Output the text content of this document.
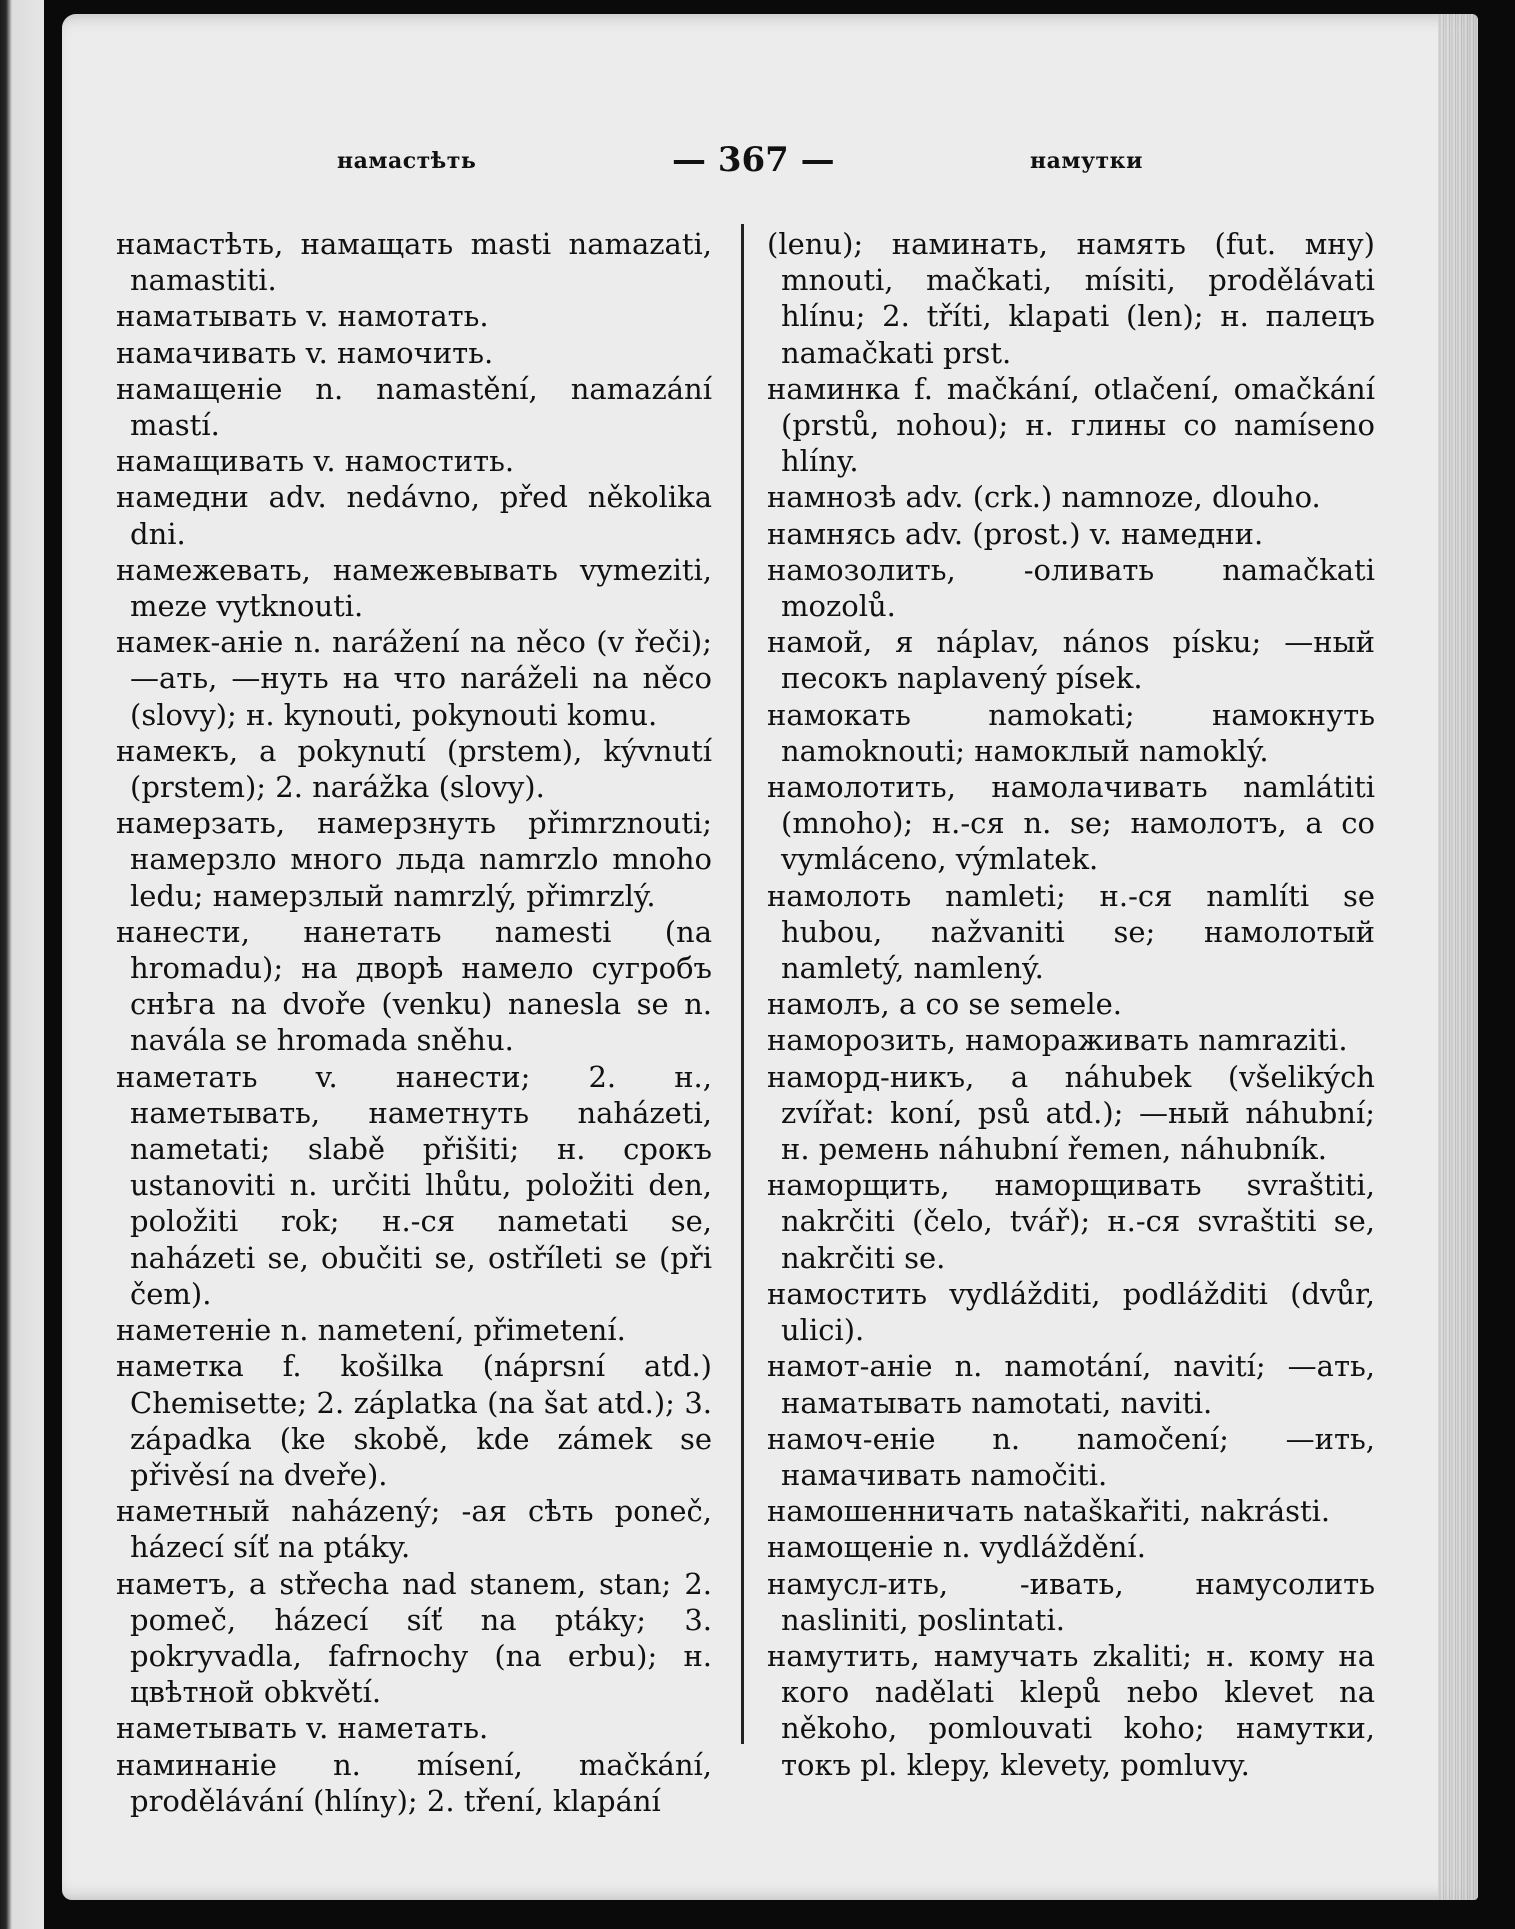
намастѣть	— 367 —	намутки

намастѣть, намащать masti namazati, namastiti.

наматывать v. намотать.

намачивать v. намочить.

намащеніе n. namastění, namazání mastí.

намащивать v. намостить.

намедни adv. nedávno, před několika dni.

намежевать, намежевывать vymeziti, meze vytknouti.

намек-аніе n. narážení na něco (v řeči); —ать, —нуть на что naráželi na něco (slovy); н. kynouti, pokynouti komu.

намекъ, а pokynutí (prstem), kývnutí (prstem); 2. narážka (slovy).

намерзать, намерзнуть přimrznouti; намерзло много льда namrzlo mnoho ledu; намерзлый namrzlý, přimrzlý.

нанести, нанетать namesti (na hromadu); на дворѣ намело сугробъ снѣга na dvoře (venku) nanesla se n. navála se hromada sněhu.

наметать v. нанести; 2. н., наметывать, наметнуть naházeti, nametati; slabě přišiti; н. срокъ ustanoviti n. určiti lhůtu, položiti den, položiti rok; н.-ся nametati se, naházeti se, obučiti se, ostříleti se (při čem).

наметеніе n. nametení, přimetení.

наметка f. košilka (náprsní atd.) Chemisette; 2. záplatka (na šat atd.); 3. západka (ke skobě, kde zámek se přivěsí na dveře).

наметный naházený; -ая сѣть poneč, házecí síť na ptáky.

наметъ, а střecha nad stanem, stan; 2. pomeč, házecí síť na ptáky; 3. pokryvadla, fafrnochy (na erbu); н. цвѣтной obkvětí.

наметывать v. наметать.

наминаніе n. mísení, mačkání, prodělávání (hlíny); 2. tření, klapání

(lenu); наминать, намять (fut. мну) mnouti, mačkati, mísiti, prodělávati hlínu; 2. tříti, klapati (len); н. палецъ namačkati prst.

наминка f. mačkání, otlačení, omačkání (prstů, nohou); н. глины co namíseno hlíny.

намнозѣ adv. (crk.) namnoze, dlouho.

намнясь adv. (prost.) v. намедни.

намозолить, -оливать namačkati mozolů.

намой, я náplav, nános písku; —ный песокъ naplavený písek.

намокать namokati; намокнуть namoknouti; намоклый namoklý.

намолотить, намолачивать namlátiti (mnoho); н.-ся n. se; намолотъ, а co vymláceno, výmlatek.

намолоть namleti; н.-ся namlíti se hubou, nažvaniti se; намолотый namletý, namlený.

намолъ, а co se semele.

наморозить, намораживать namraziti.

наморд-никъ, а náhubek (všelikých zvířat: koní, psů atd.); —ный náhubní; н. ремень náhubní řemen, náhubník.

наморщить, наморщивать svraštiti, nakrčiti (čelo, tvář); н.-ся svraštiti se, nakrčiti se.

намостить vydlážditi, podlážditi (dvůr, ulici).

намот-аніе n. namotání, navití; —ать, наматывать namotati, naviti.

намоч-еніе n. namočení; —ить, намачивать namočiti.

намошенничать nataškařiti, nakrásti.

намощеніе n. vydláždění.

намусл-ить, -ивать, намусолить naslinitі, poslintati.

намутить, намучать zkaliti; н. кому на кого nadělati klepů nebo klevet na někoho, pomlouvati koho; намутки, токъ pl. klepy, klevety, pomluvy.
